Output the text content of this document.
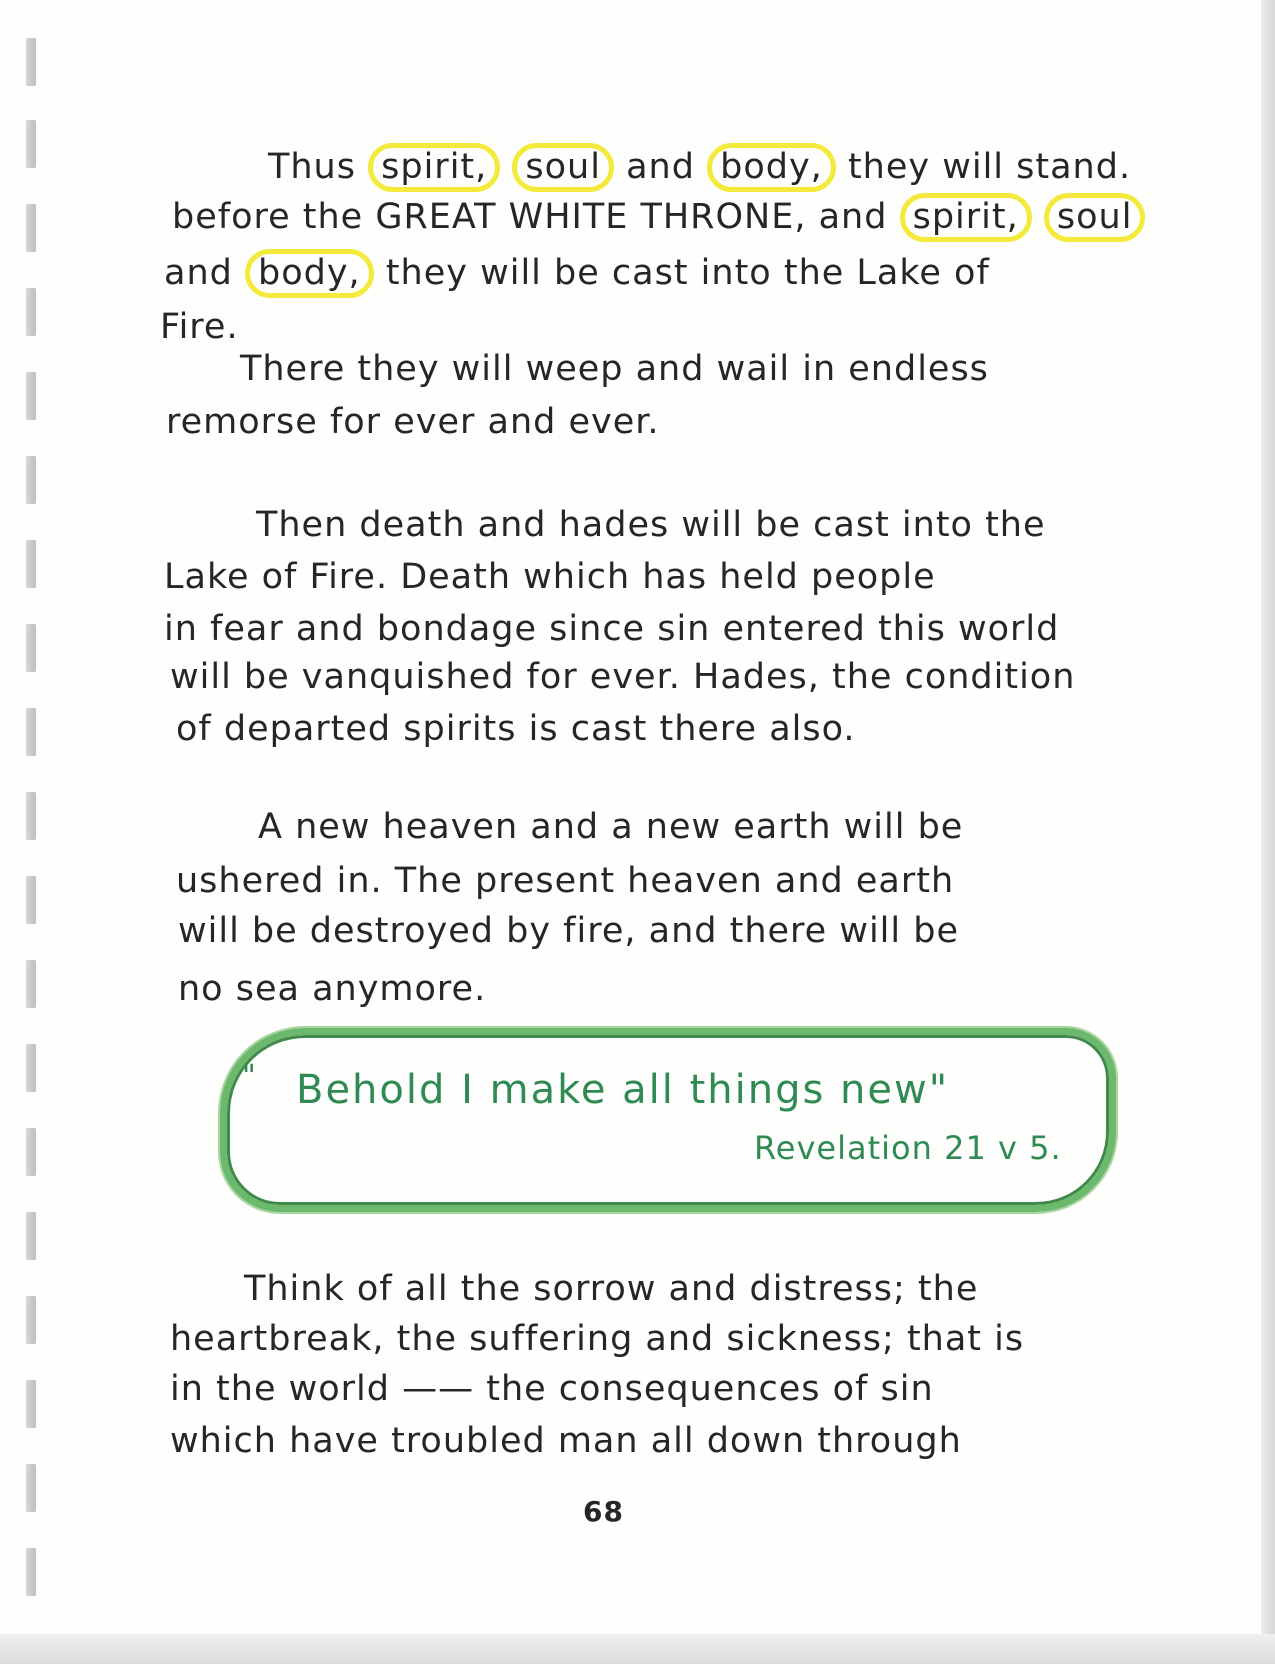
Thus spirit, soul and body, they will stand.
before the GREAT WHITE THRONE, and spirit, soul
and body, they will be cast into the Lake of
Fire.
There they will weep and wail in endless
remorse for ever and ever.
Then death and hades will be cast into the
Lake of Fire. Death which has held people
in fear and bondage since sin entered this world
will be vanquished for ever. Hades, the condition
of departed spirits is cast there also.
A new heaven and a new earth will be
ushered in. The present heaven and earth
will be destroyed by fire, and there will be
no sea anymore.
" Behold I make all things new"
Revelation 21 v 5.
Think of all the sorrow and distress; the
heartbreak, the suffering and sickness; that is
in the world —— the consequences of sin
which have troubled man all down through
68
